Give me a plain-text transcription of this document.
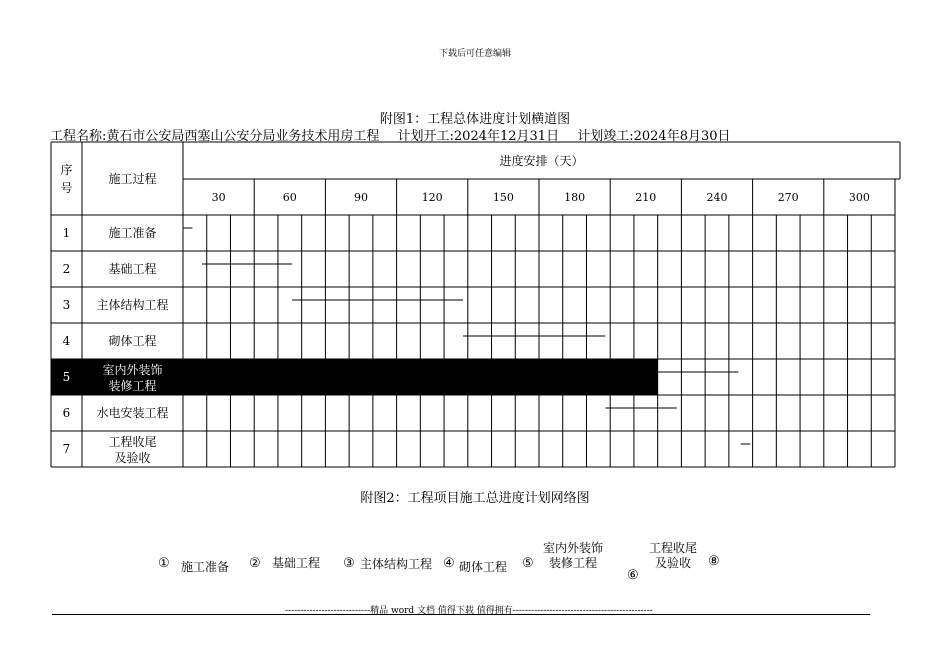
下载后可任意编辑
附图1：工程总体进度计划横道图
工程名称:黄石市公安局西塞山公安分局业务技术用房工程 计划开工:2024年12月31日 计划竣工:2024年8月30日
序
号
施工过程
进度安排（天）
30	60	90	120	150	180	210	240	270	300
1	施工准备
2	基础工程
3 主体结构工程
4	砌体工程
5	室内外装饰
装修工程
6 水电安装工程
7	工程收尾
及验收
附图2：工程项目施工总进度计划网络图
① 施工准备 ② 基础工程 ③ 主体结构工程 ④ 砌体工程 ⑤
室内外装饰
装修工程
⑥
工程收尾
及验收	⑧
----------------------------精品 word 文档 值得下载 值得拥有----------------------------------------------
